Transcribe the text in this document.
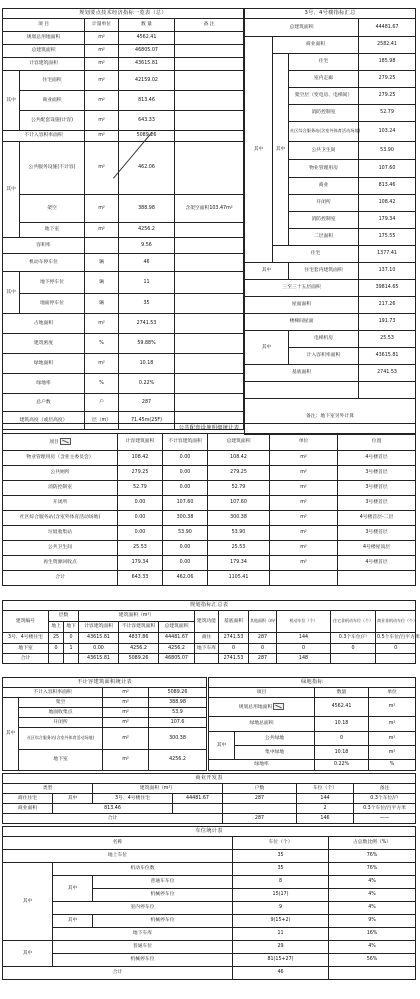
规划要点技术经济指标一览表（总）				
项 目		计量单位	数 量	备 注
规划总用地面积		m²	4562.41	
总建筑面积		m²	46805.07	
计容建筑面积		m²	43615.81	
其中	住宅面积	m²	42159.02	
	商业面积	m²	813.46	
	公共配套设施(计容)	m²	643.33	
不计入容积率面积		m²	5089.26	
其中	公共服务设施(不计容)	m²	462.06	
	架空	m²	388.98	含架空面积103.47m²
	地下室	m²	4256.2	
容积率			9.56	
机动车停车位		辆	46	
其中	地下停车位	辆	11	
	地面停车位	辆	35	
占地面积		m²	2741.53	
建筑密度		%	59.88%	
绿地面积		m²	10.18	
绿地率		%	0.22%	
总户数		户	287	
建筑高度（或层高度）		层（m）	71.45m(25F)	
3号、4号楼指标汇总			
总建筑面积			44481.67
其中	商业面积		2582.41
	其中	住宅	185.98
		室内走廊	279.25
		架空层（变电房、电梯间）	279.25
		消防控制室	52.79
		社区综合服务站(含室外体育活动场地)	103.24
		公共卫生间	53.90
		物业管理用房	107.60
		商业	813.46
		开闭所	108.42
		消防控制室	179.34
		二层面积	175.55
	住宅		1377.41
其中		住宅套内建筑面积	137.10
三至三十五层面积			39814.65
屋面面积			217.26
楼梯间屋面			191.73
其中		电梯机房	25.53
		计入容积率面积	43615.81
基底面积			2741.53

备注：地下室另外计算			
公共配套设施明细统计表					
项目	计容建筑面积	不计容建筑面积	总建筑面积	单位	位置
物业管理用房（含业主委员会）	108.42	0.00	108.42	m²	4号楼首层
公共厕所	279.25	0.00	279.25	m²	3号楼首层
消防控制室	52.79	0.00	52.79	m²	3号楼首层
开闭所	0.00	107.60	107.60	m²	3号楼首层
社区综合服务站(含室外体育活动场地)	0.00	300.38	300.38	m²	4号楼首层-二层
垃圾收集站	0.00	53.90	53.90	m²	3号楼首层
公共卫生间	25.53	0.00	25.53	m²	4号楼屋顶层
再生资源回收点	179.34	0.00	179.34	m²	4号楼首层
合计	643.33	462.06	1105.41		
规划指标汇总表											
建筑编号	层数		建筑面积（m²）			建筑功能	基底面积	其他面积（m²）	机动车位（个）	住宅非机动车位（个）	商业非机动车位（个）
	地上	地下	计容建筑面积	不计容建筑面积	总建筑面积						
3号、4号楼住宅	25	0	43615.81	4837.86	44481.67	商住	2741.53	287	144	0.3个车位/户	0.5个车位/百平方米
地下室	0	1	0.00	4256.2	4256.2	地下车库	0	0	0	0	0
合计			43615.81	5089.26	46805.07		2741.53	287	148		
不计容建筑面积统计表			
不计入容积率面积		m²	5089.26
其中	架空	m²	388.98
	地面收集点	m²	53.9
	开闭所	m²	107.6
	社区综合服务站(含室外体育活动场地)	m²	300.38
	地下室	m²	4256.2
绿地指标			
项目		数量	单位
规划总用地面积		4562.41	m²
绿地总面积		10.18	m²
其中	公共绿地	0	m²
	集中绿地	10.18	m²
绿地率		0.22%	%
商业开发表						
类型		建筑面积（m²）		户数	车位（个）	备注
商住住宅	其中	3号、4号楼住宅	44481.67	287	144	0.3个车位/户
商业面积	813.46				2	0.3个车位/百平方米
合计				287	146	——
车位统计表				
名称			车位（个）	占总数比例（%）
地上车位			35	76%
其中	机动车位数		35	76%
	其中	普通车车位	8	4%
		机械停车位	15(17)	4%
	室内停车位		9	4%
	其中	机械停车位	9(15+2)	9%
	地下车库		11	16%
其中	普通车位		29	4%
	机械停车位		81(15+27)	56%
合计			46	
